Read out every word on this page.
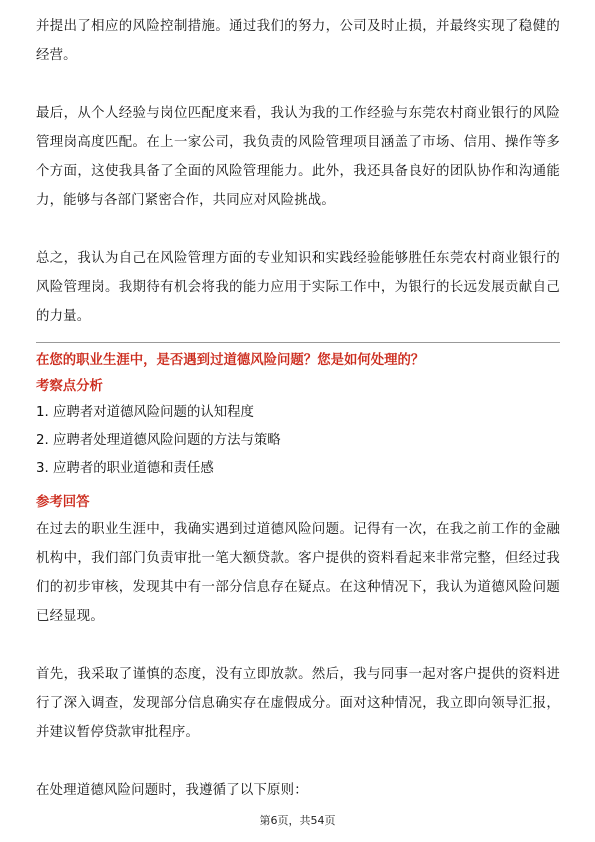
并提出了相应的风险控制措施。通过我们的努力，公司及时止损，并最终实现了稳健的经营。

最后，从个人经验与岗位匹配度来看，我认为我的工作经验与东莞农村商业银行的风险管理岗高度匹配。在上一家公司，我负责的风险管理项目涵盖了市场、信用、操作等多个方面，这使我具备了全面的风险管理能力。此外，我还具备良好的团队协作和沟通能力，能够与各部门紧密合作，共同应对风险挑战。

总之，我认为自己在风险管理方面的专业知识和实践经验能够胜任东莞农村商业银行的风险管理岗。我期待有机会将我的能力应用于实际工作中，为银行的长远发展贡献自己的力量。

在您的职业生涯中，是否遇到过道德风险问题？您是如何处理的？

考察点分析

1. 应聘者对道德风险问题的认知程度

2. 应聘者处理道德风险问题的方法与策略

3. 应聘者的职业道德和责任感

参考回答

在过去的职业生涯中，我确实遇到过道德风险问题。记得有一次，在我之前工作的金融机构中，我们部门负责审批一笔大额贷款。客户提供的资料看起来非常完整，但经过我们的初步审核，发现其中有一部分信息存在疑点。在这种情况下，我认为道德风险问题已经显现。

首先，我采取了谨慎的态度，没有立即放款。然后，我与同事一起对客户提供的资料进行了深入调查，发现部分信息确实存在虚假成分。面对这种情况，我立即向领导汇报，并建议暂停贷款审批程序。

在处理道德风险问题时，我遵循了以下原则：

第6页，共54页
